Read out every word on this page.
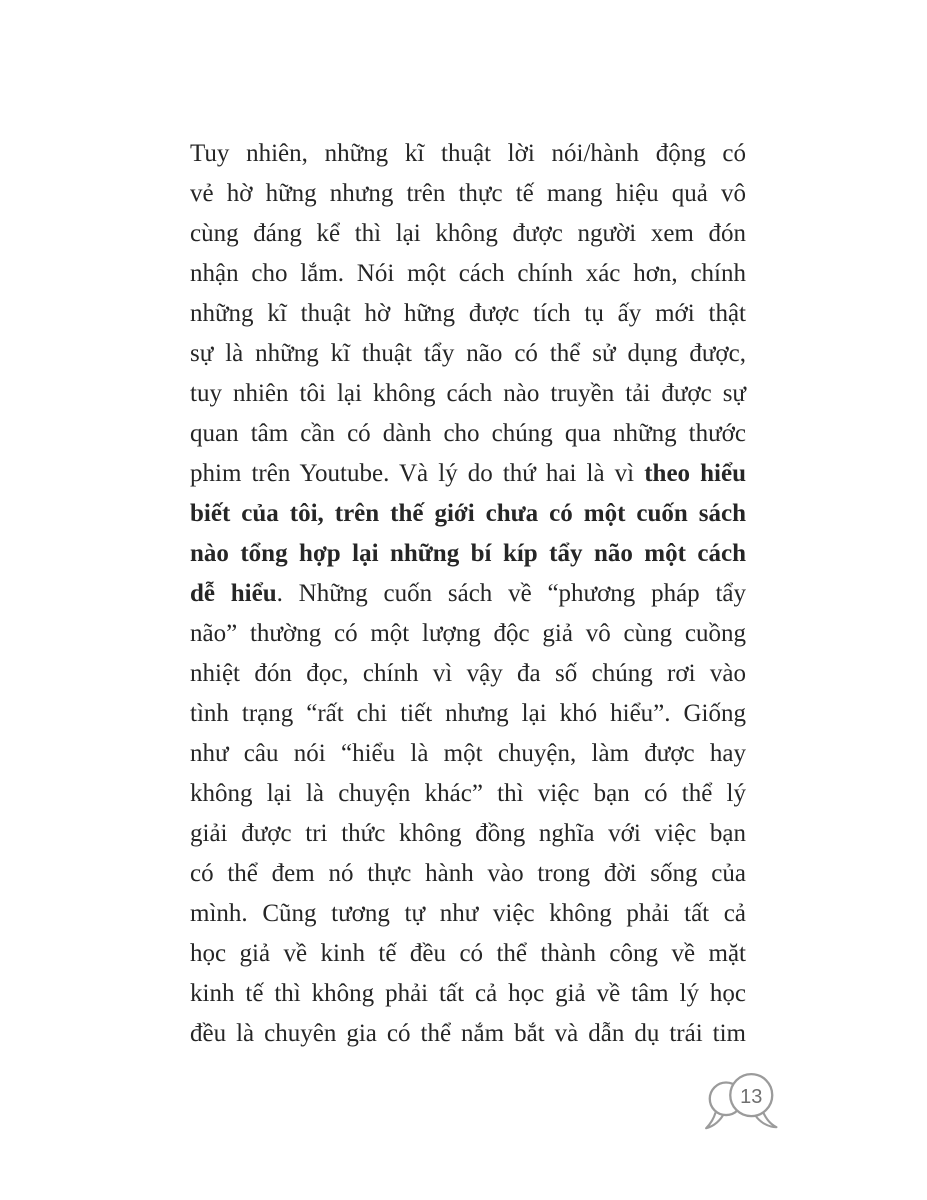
Tuy nhiên, những kĩ thuật lời nói/hành động có
vẻ hờ hững nhưng trên thực tế mang hiệu quả vô
cùng đáng kể thì lại không được người xem đón
nhận cho lắm. Nói một cách chính xác hơn, chính
những kĩ thuật hờ hững được tích tụ ấy mới thật
sự là những kĩ thuật tẩy não có thể sử dụng được,
tuy nhiên tôi lại không cách nào truyền tải được sự
quan tâm cần có dành cho chúng qua những thước
phim trên Youtube. Và lý do thứ hai là vì theo hiểu
biết của tôi, trên thế giới chưa có một cuốn sách
nào tổng hợp lại những bí kíp tẩy não một cách
dễ hiểu. Những cuốn sách về “phương pháp tẩy
não” thường có một lượng độc giả vô cùng cuồng
nhiệt đón đọc, chính vì vậy đa số chúng rơi vào
tình trạng “rất chi tiết nhưng lại khó hiểu”. Giống
như câu nói “hiểu là một chuyện, làm được hay
không lại là chuyện khác” thì việc bạn có thể lý
giải được tri thức không đồng nghĩa với việc bạn
có thể đem nó thực hành vào trong đời sống của
mình. Cũng tương tự như việc không phải tất cả
học giả về kinh tế đều có thể thành công về mặt
kinh tế thì không phải tất cả học giả về tâm lý học
đều là chuyên gia có thể nắm bắt và dẫn dụ trái tim
13
